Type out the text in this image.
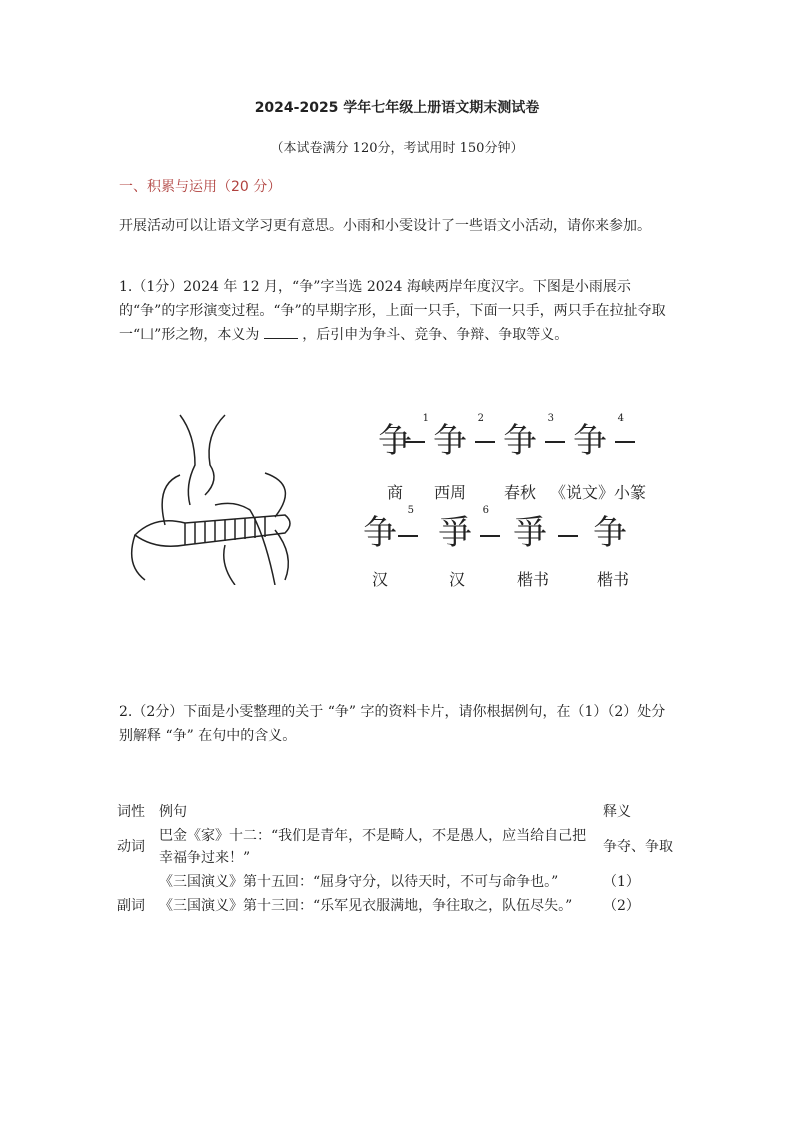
2024-2025 学年七年级上册语文期末测试卷
（本试卷满分 120分，考试用时 150分钟）
一、积累与运用（20 分）
开展活动可以让语文学习更有意思。小雨和小雯设计了一些语文小活动，请你来参加。
1.（1分）2024 年 12 月，“争”字当选 2024 海峡两岸年度汉字。下图是小雨展示的“争”的字形演变过程。“争”的早期字形，上面一只手，下面一只手，两只手在拉扯夺取一“凵”形之物，本义为  ，后引申为争斗、竞争、争辩、争取等义。
争
1
争
2
争
3
争
4
商	西周	春秋 《说文》小篆
争
5
爭
6
爭	争
汉	汉	楷书	楷书
2.（2分）下面是小雯整理的关于 “争” 字的资料卡片，请你根据例句，在（1）（2）处分别解释 “争” 在句中的含义。
词性	例句	释义
动词	巴金《家》十二：“我们是青年，不是畸人，不是愚人，应当给自己把幸福争过来！”	争夺、争取
	《三国演义》第十五回：“屈身守分，以待天时，不可与命争也。”	（1）
副词	《三国演义》第十三回：“乐军见衣服满地，争往取之，队伍尽失。”	（2）
